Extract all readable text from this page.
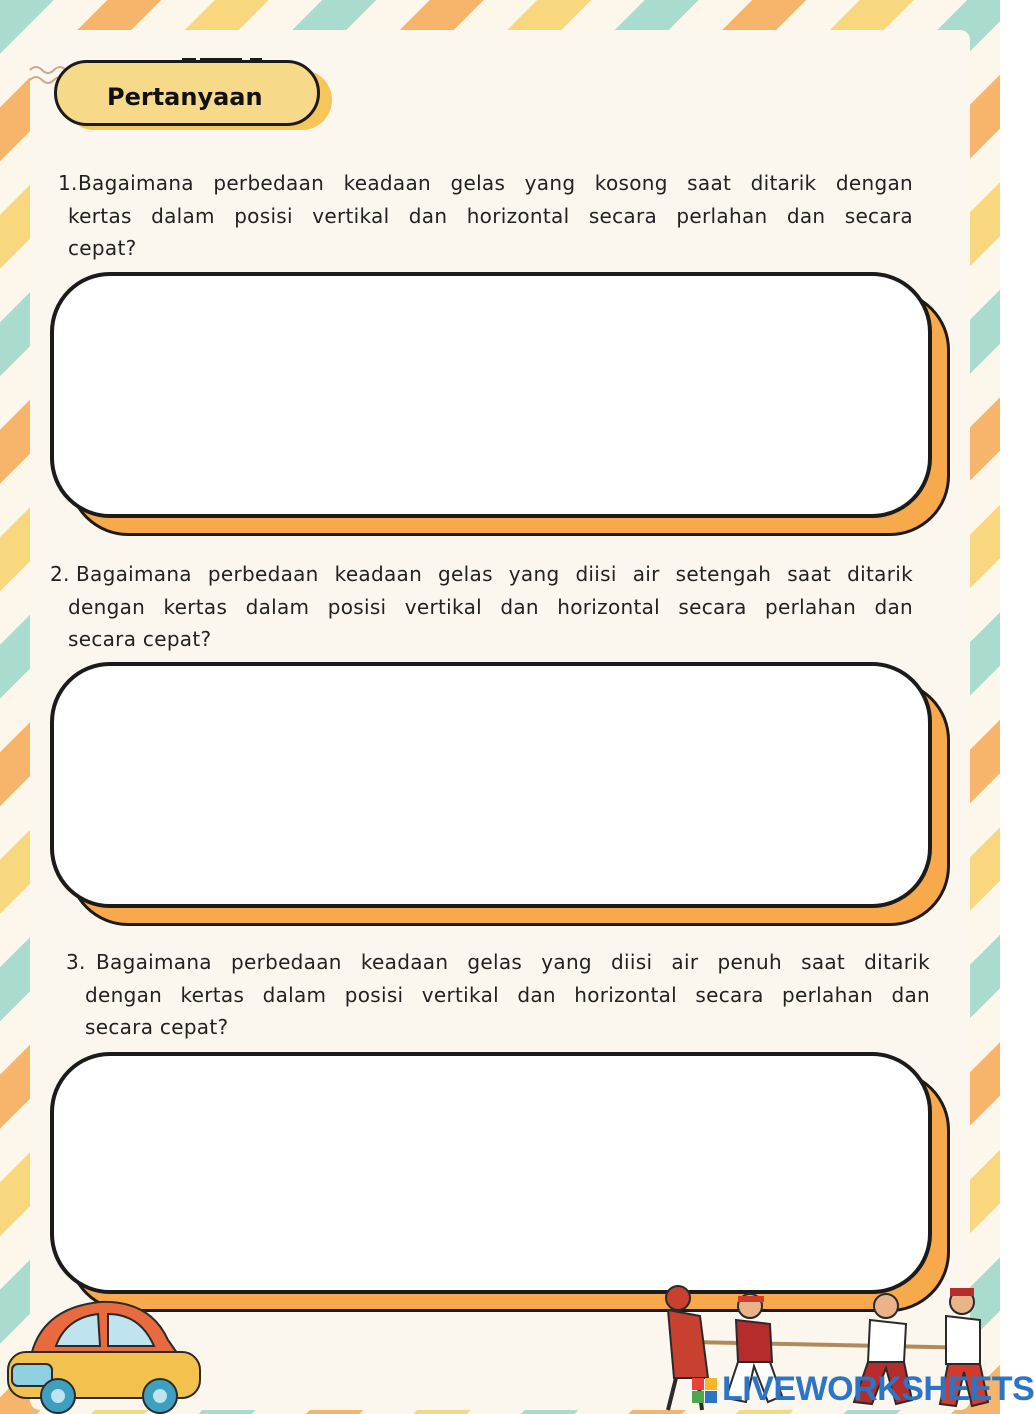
Pertanyaan
1. Bagaimana perbedaan keadaan gelas yang kosong saat ditarik dengan
kertas dalam posisi vertikal dan horizontal secara perlahan dan secara
cepat?
2. Bagaimana perbedaan keadaan gelas yang diisi air setengah saat ditarik
dengan kertas dalam posisi vertikal dan horizontal secara perlahan dan
secara cepat?
3. Bagaimana perbedaan keadaan gelas yang diisi air penuh saat ditarik
dengan kertas dalam posisi vertikal dan horizontal secara perlahan dan
secara cepat?
LIVEWORKSHEETS
